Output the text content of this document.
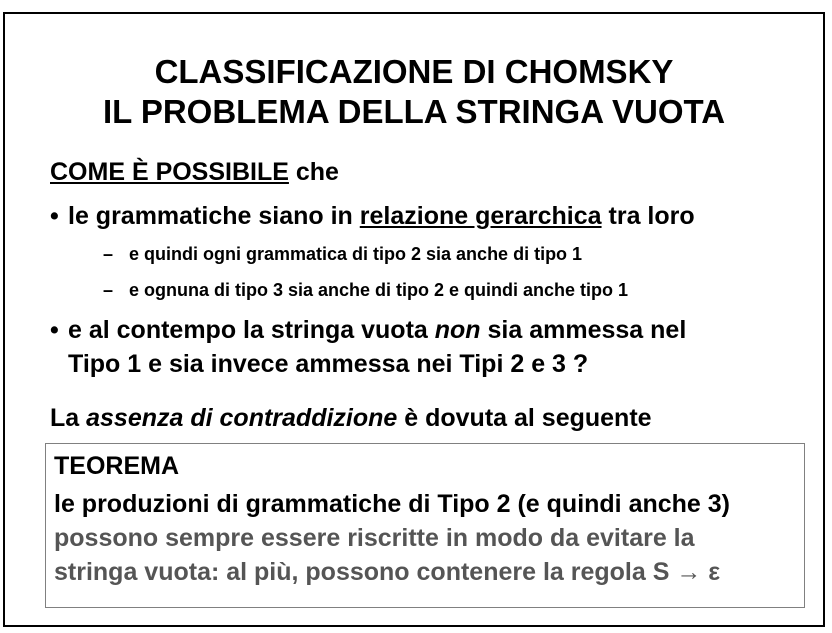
CLASSIFICAZIONE DI CHOMSKY
IL PROBLEMA DELLA STRINGA VUOTA
COME È POSSIBILE che
• le grammatiche siano in relazione gerarchica tra loro
– e quindi ogni grammatica di tipo 2 sia anche di tipo 1
– e ognuna di tipo 3 sia anche di tipo 2 e quindi anche tipo 1
• e al contempo la stringa vuota non sia ammessa nel
Tipo 1 e sia invece ammessa nei Tipi 2 e 3 ?
La assenza di contraddizione è dovuta al seguente
TEOREMA
le produzioni di grammatiche di Tipo 2 (e quindi anche 3)
possono sempre essere riscritte in modo da evitare la
stringa vuota: al più, possono contenere la regola S → ε
